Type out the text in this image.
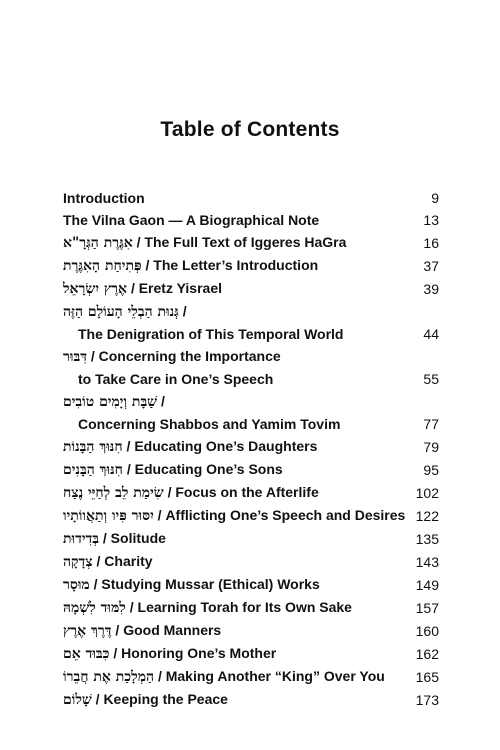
Table of Contents
Introduction	9
The Vilna Gaon — A Biographical Note	13
אִגֶּרֶת הַגְּרָ"א / The Full Text of Iggeres HaGra	16
פְּתִיחַת הָאִגֶּרֶת / The Letter’s Introduction	37
אֶרֶץ יִשְׂרָאֵל / Eretz Yisrael	39
גְּנוּת הַבְלֵי הָעוֹלָם הַזֶּה /
The Denigration of This Temporal World	44
דִּבּוּר / Concerning the Importance
to Take Care in One’s Speech	55
שַׁבָּת וְיָמִים טוֹבִים /
Concerning Shabbos and Yamim Tovim	77
חִנּוּךְ הַבָּנוֹת / Educating One’s Daughters	79
חִנּוּךְ הַבָּנִים / Educating One’s Sons	95
שִׂימַת לֵב לְחַיֵּי נֶצַח / Focus on the Afterlife	102
יִסּוּר פִּיו וְתַאֲווֹתָיו / Afflicting One’s Speech and Desires 122
בְּדִידוּת / Solitude	135
צְדָקָה / Charity	143
מוּסָר / Studying Mussar (Ethical) Works	149
לִמּוּד לִשְׁמָהּ / Learning Torah for Its Own Sake	157
דֶּרֶךְ אֶרֶץ / Good Manners	160
כִּבּוּד אֵם / Honoring One’s Mother	162
הַמְלָכַת אֶת חֲבֵרוֹ / Making Another “King” Over You	165
שָׁלוֹם / Keeping the Peace	173
